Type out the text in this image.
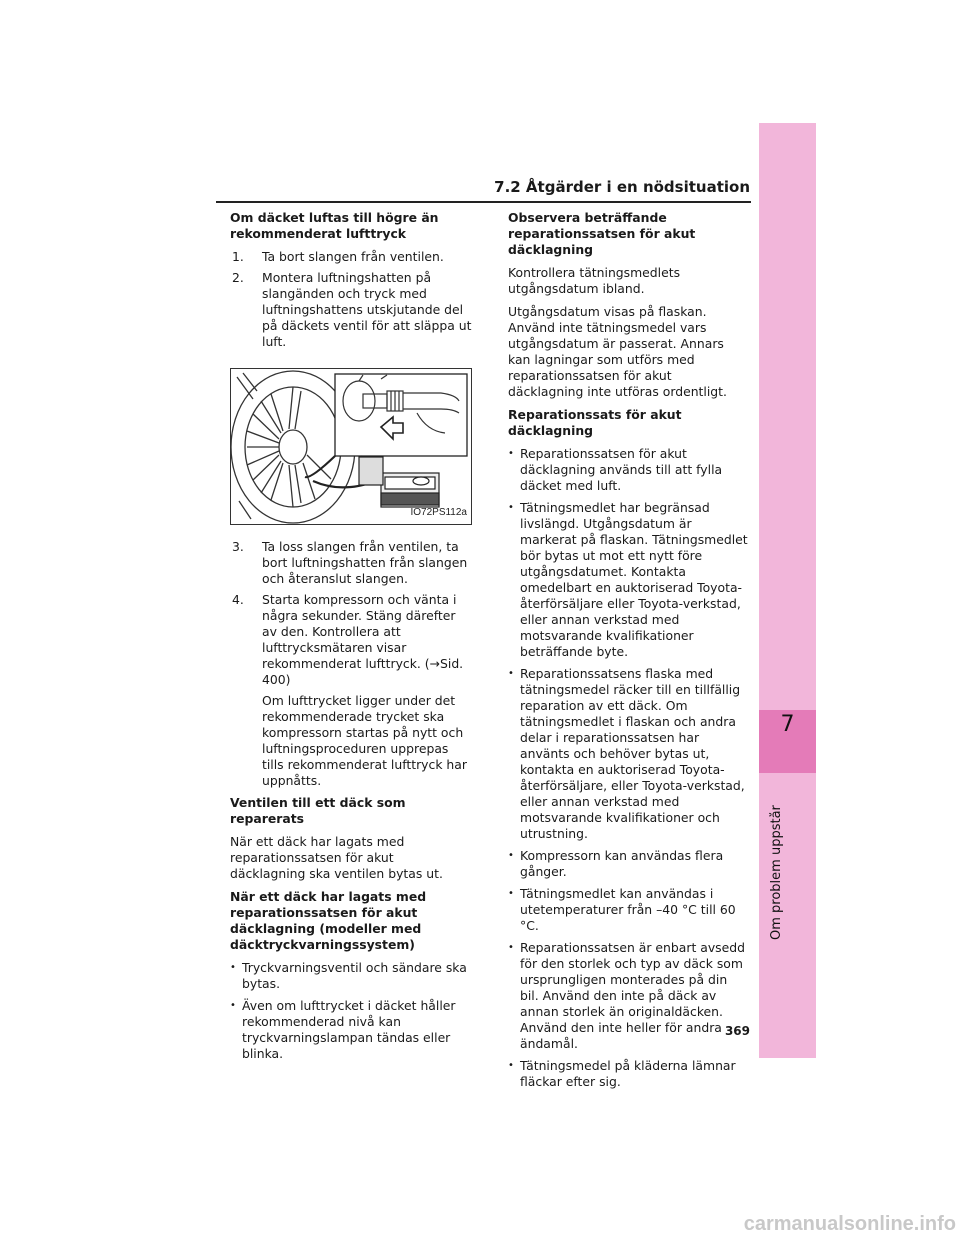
7.2 Åtgärder i en nödsituation
7
Om problem uppstår
Om däcket luftas till högre än rekommenderat lufttryck
1.	Ta bort slangen från ventilen.
2.	Montera luftningshatten på slangänden och tryck med luftningshattens utskjutande del på däckets ventil för att släppa ut luft.
IO72PS112a
3.	Ta loss slangen från ventilen, ta bort luftningshatten från slangen och återanslut slangen.
4.	Starta kompressorn och vänta i några sekunder. Stäng därefter av den. Kontrollera att lufttrycksmätaren visar rekommenderat lufttryck. (→Sid. 400)
Om lufttrycket ligger under det rekommenderade trycket ska kompressorn startas på nytt och luftningsproceduren upprepas tills rekommenderat lufttryck har uppnåtts.
Ventilen till ett däck som reparerats
När ett däck har lagats med reparationssatsen för akut däcklagning ska ventilen bytas ut.
När ett däck har lagats med reparationssatsen för akut däcklagning (modeller med däcktryckvarningssystem)
• Tryckvarningsventil och sändare ska bytas.
• Även om lufttrycket i däcket håller rekommenderad nivå kan tryckvarningslampan tändas eller blinka.
Observera beträffande reparationssatsen för akut däcklagning
Kontrollera tätningsmedlets utgångsdatum ibland.
Utgångsdatum visas på flaskan. Använd inte tätningsmedel vars utgångsdatum är passerat. Annars kan lagningar som utförs med reparationssatsen för akut däcklagning inte utföras ordentligt.
Reparationssats för akut däcklagning
• Reparationssatsen för akut däcklagning används till att fylla däcket med luft.
• Tätningsmedlet har begränsad livslängd. Utgångsdatum är markerat på flaskan. Tätningsmedlet bör bytas ut mot ett nytt före utgångsdatumet. Kontakta omedelbart en auktoriserad Toyota-återförsäljare eller Toyota-verkstad, eller annan verkstad med motsvarande kvalifikationer beträffande byte.
• Reparationssatsens flaska med tätningsmedel räcker till en tillfällig reparation av ett däck. Om tätningsmedlet i flaskan och andra delar i reparationssatsen har använts och behöver bytas ut, kontakta en auktoriserad Toyota-återförsäljare, eller Toyota-verkstad, eller annan verkstad med motsvarande kvalifikationer och utrustning.
• Kompressorn kan användas flera gånger.
• Tätningsmedlet kan användas i utetemperaturer från –40 °C till 60 °C.
• Reparationssatsen är enbart avsedd för den storlek och typ av däck som ursprungligen monterades på din bil. Använd den inte på däck av annan storlek än originaldäcken. Använd den inte heller för andra ändamål.
• Tätningsmedel på kläderna lämnar fläckar efter sig.
369
carmanualsonline.info
